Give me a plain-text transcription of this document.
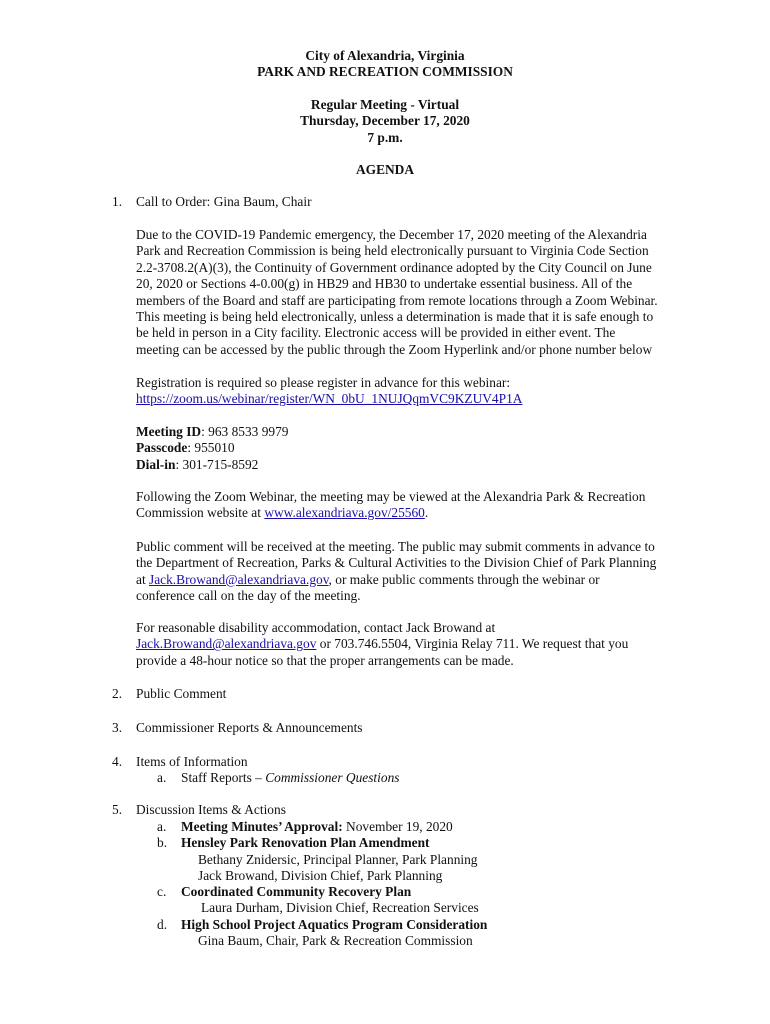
City of Alexandria, Virginia
PARK AND RECREATION COMMISSION
Regular Meeting - Virtual
Thursday, December 17, 2020
7 p.m.
AGENDA
1.	Call to Order: Gina Baum, Chair
Due to the COVID-19 Pandemic emergency, the December 17, 2020 meeting of the Alexandria
Park and Recreation Commission is being held electronically pursuant to Virginia Code Section
2.2-3708.2(A)(3), the Continuity of Government ordinance adopted by the City Council on June
20, 2020 or Sections 4-0.00(g) in HB29 and HB30 to undertake essential business. All of the
members of the Board and staff are participating from remote locations through a Zoom Webinar.
This meeting is being held electronically, unless a determination is made that it is safe enough to
be held in person in a City facility. Electronic access will be provided in either event. The
meeting can be accessed by the public through the Zoom Hyperlink and/or phone number below
Registration is required so please register in advance for this webinar:
https://zoom.us/webinar/register/WN_0bU_1NUJQqmVC9KZUV4P1A
Meeting ID: 963 8533 9979
Passcode: 955010
Dial-in: 301-715-8592
Following the Zoom Webinar, the meeting may be viewed at the Alexandria Park & Recreation
Commission website at www.alexandriava.gov/25560.
Public comment will be received at the meeting. The public may submit comments in advance to
the Department of Recreation, Parks & Cultural Activities to the Division Chief of Park Planning
at Jack.Browand@alexandriava.gov, or make public comments through the webinar or
conference call on the day of the meeting.
For reasonable disability accommodation, contact Jack Browand at
Jack.Browand@alexandriava.gov or 703.746.5504, Virginia Relay 711. We request that you
provide a 48-hour notice so that the proper arrangements can be made.
2.	Public Comment
3.	Commissioner Reports & Announcements
4.	Items of Information
a. Staff Reports – Commissioner Questions
5.	Discussion Items & Actions
a. Meeting Minutes’ Approval: November 19, 2020
b. Hensley Park Renovation Plan Amendment
Bethany Znidersic, Principal Planner, Park Planning
Jack Browand, Division Chief, Park Planning
c. Coordinated Community Recovery Plan
Laura Durham, Division Chief, Recreation Services
d. High School Project Aquatics Program Consideration
Gina Baum, Chair, Park & Recreation Commission
